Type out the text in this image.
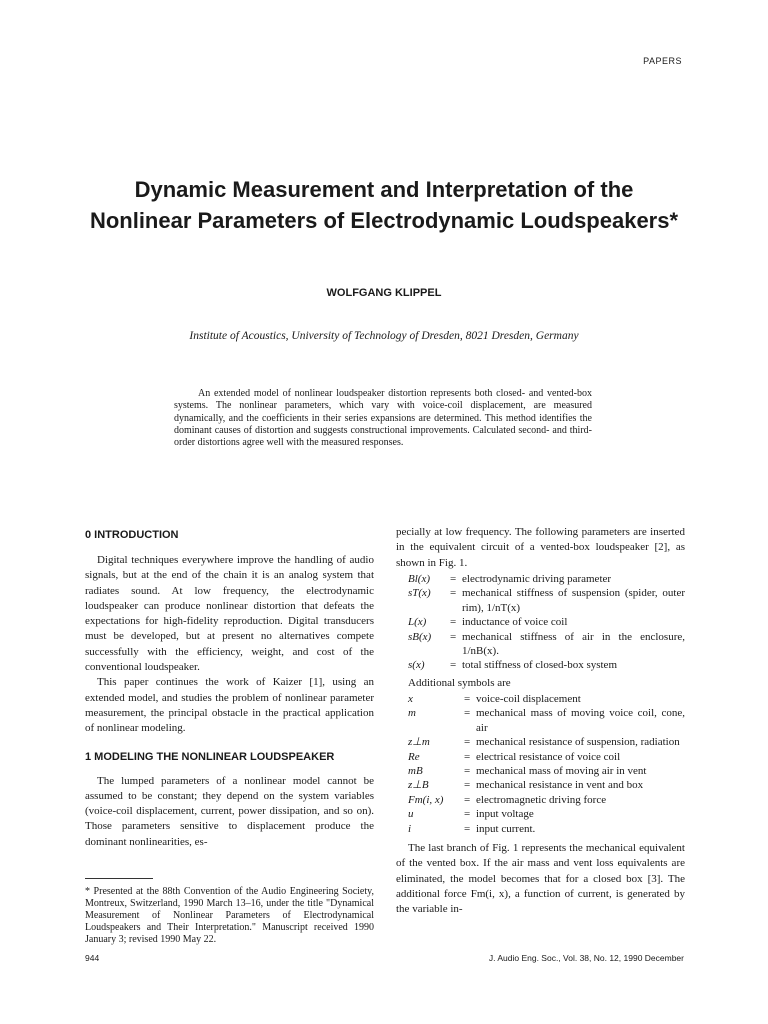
PAPERS
Dynamic Measurement and Interpretation of the
Nonlinear Parameters of Electrodynamic Loudspeakers*
WOLFGANG KLIPPEL
Institute of Acoustics, University of Technology of Dresden, 8021 Dresden, Germany
An extended model of nonlinear loudspeaker distortion represents both closed- and vented-box systems. The nonlinear parameters, which vary with voice-coil displacement, are measured dynamically, and the coefficients in their series expansions are determined. This method identifies the dominant causes of distortion and suggests constructional improvements. Calculated second- and third-order distortions agree well with the measured responses.
0 INTRODUCTION

Digital techniques everywhere improve the handling of audio signals, but at the end of the chain it is an analog system that radiates sound. At low frequency, the electrodynamic loudspeaker can produce nonlinear distortion that defeats the expectations for high-fidelity reproduction. Digital transducers must be developed, but at present no alternatives compete successfully with the efficiency, weight, and cost of the conventional loudspeaker.

This paper continues the work of Kaizer [1], using an extended model, and studies the problem of nonlinear parameter measurement, the principal obstacle in the practical application of nonlinear modeling.

1 MODELING THE NONLINEAR LOUDSPEAKER

The lumped parameters of a nonlinear model cannot be assumed to be constant; they depend on the system variables (voice-coil displacement, current, power dissipation, and so on). Those parameters sensitive to displacement produce the dominant nonlinearities, es-

pecially at low frequency. The following parameters are inserted in the equivalent circuit of a vented-box loudspeaker [2], as shown in Fig. 1.

Bl(x)	= electrodynamic driving parameter
sT(x)	= mechanical stiffness of suspension (spider, outer rim), 1/nT(x)
L(x)	= inductance of voice coil
sB(x)	= mechanical stiffness of air in the enclosure, 1/nB(x).
s(x)	= total stiffness of closed-box system

Additional symbols are

x	= voice-coil displacement
m	= mechanical mass of moving voice coil, cone, air
z⊥m	= mechanical resistance of suspension, radiation
Re	= electrical resistance of voice coil
mB	= mechanical mass of moving air in vent
z⊥B	= mechanical resistance in vent and box
Fm(i, x)	= electromagnetic driving force
u	= input voltage
i	= input current.

The last branch of Fig. 1 represents the mechanical equivalent of the vented box. If the air mass and vent loss equivalents are eliminated, the model becomes that for a closed box [3]. The additional force Fm(i, x), a function of current, is generated by the variable in-

* Presented at the 88th Convention of the Audio Engineering Society, Montreux, Switzerland, 1990 March 13–16, under the title "Dynamical Measurement of Nonlinear Parameters of Electrodynamical Loudspeakers and Their Interpretation." Manuscript received 1990 January 3; revised 1990 May 22.
944	J. Audio Eng. Soc., Vol. 38, No. 12, 1990 December
